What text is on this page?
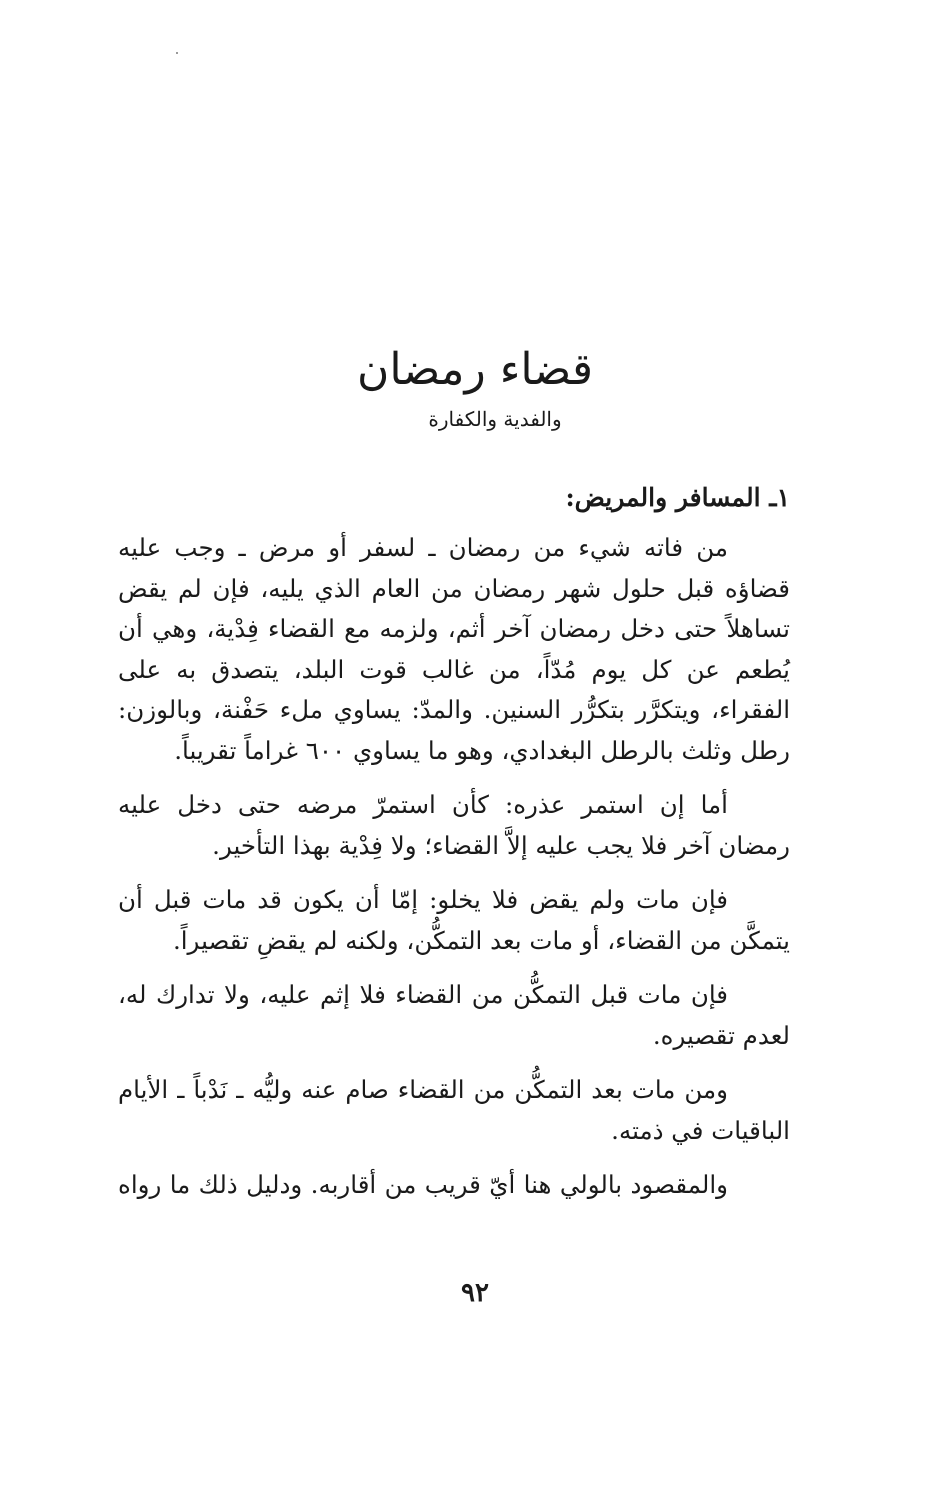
قضاء رمضان

والفدية والكفارة

١ـ المسافر والمريض:

من فاته شيء من رمضان ـ لسفر أو مرض ـ وجب عليه قضاؤه قبل حلول شهر رمضان من العام الذي يليه، فإن لم يقض تساهلاً حتى دخل رمضان آخر أثم، ولزمه مع القضاء فِدْية، وهي أن يُطعم عن كل يوم مُدّاً، من غالب قوت البلد، يتصدق به على الفقراء، ويتكرَّر بتكرُّر السنين. والمدّ: يساوي ملء حَفْنة، وبالوزن: رطل وثلث بالرطل البغدادي، وهو ما يساوي ٦٠٠ غراماً تقريباً.

أما إن استمر عذره: كأن استمرّ مرضه حتى دخل عليه رمضان آخر فلا يجب عليه إلاَّ القضاء؛ ولا فِدْية بهذا التأخير.

فإن مات ولم يقض فلا يخلو: إمّا أن يكون قد مات قبل أن يتمكَّن من القضاء، أو مات بعد التمكُّن، ولكنه لم يقضِ تقصيراً.

فإن مات قبل التمكُّن من القضاء فلا إثم عليه، ولا تدارك له، لعدم تقصيره.

ومن مات بعد التمكُّن من القضاء صام عنه وليُّه ـ نَدْباً ـ الأيام الباقيات في ذمته.

والمقصود بالولي هنا أيّ قريب من أقاربه. ودليل ذلك ما رواه

٩٢
